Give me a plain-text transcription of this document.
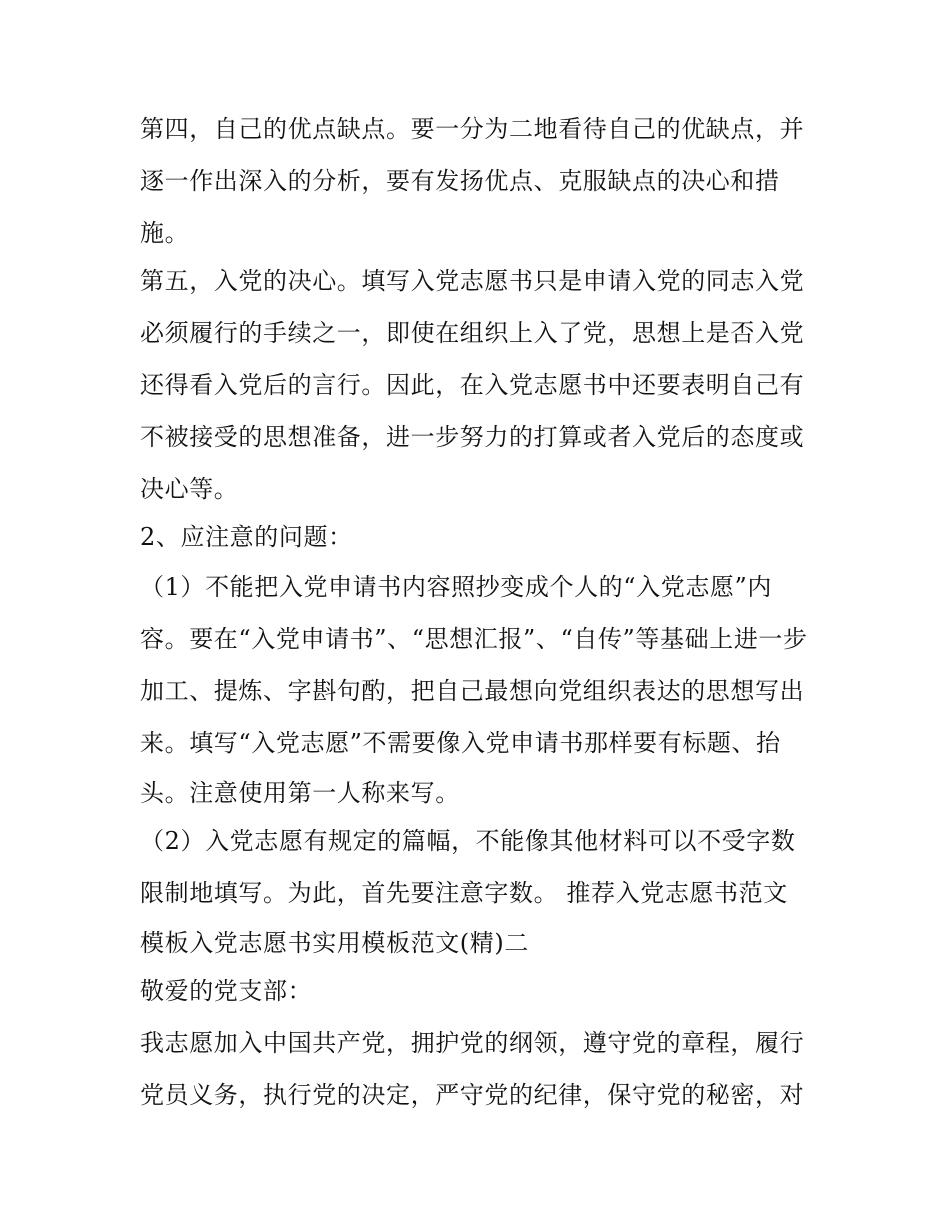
第四，自己的优点缺点。要一分为二地看待自己的优缺点，并

逐一作出深入的分析，要有发扬优点、克服缺点的决心和措

施。

第五，入党的决心。填写入党志愿书只是申请入党的同志入党

必须履行的手续之一，即使在组织上入了党，思想上是否入党

还得看入党后的言行。因此，在入党志愿书中还要表明自己有

不被接受的思想准备，进一步努力的打算或者入党后的态度或

决心等。

2、应注意的问题：

（1）不能把入党申请书内容照抄变成个人的“入党志愿”内

容。要在“入党申请书”、“思想汇报”、“自传”等基础上进一步

加工、提炼、字斟句酌，把自己最想向党组织表达的思想写出

来。填写“入党志愿”不需要像入党申请书那样要有标题、抬

头。注意使用第一人称来写。

（2）入党志愿有规定的篇幅，不能像其他材料可以不受字数

限制地填写。为此，首先要注意字数。 推荐入党志愿书范文

模板入党志愿书实用模板范文(精)二

敬爱的党支部：

我志愿加入中国共产党，拥护党的纲领，遵守党的章程，履行

党员义务，执行党的决定，严守党的纪律，保守党的秘密，对
